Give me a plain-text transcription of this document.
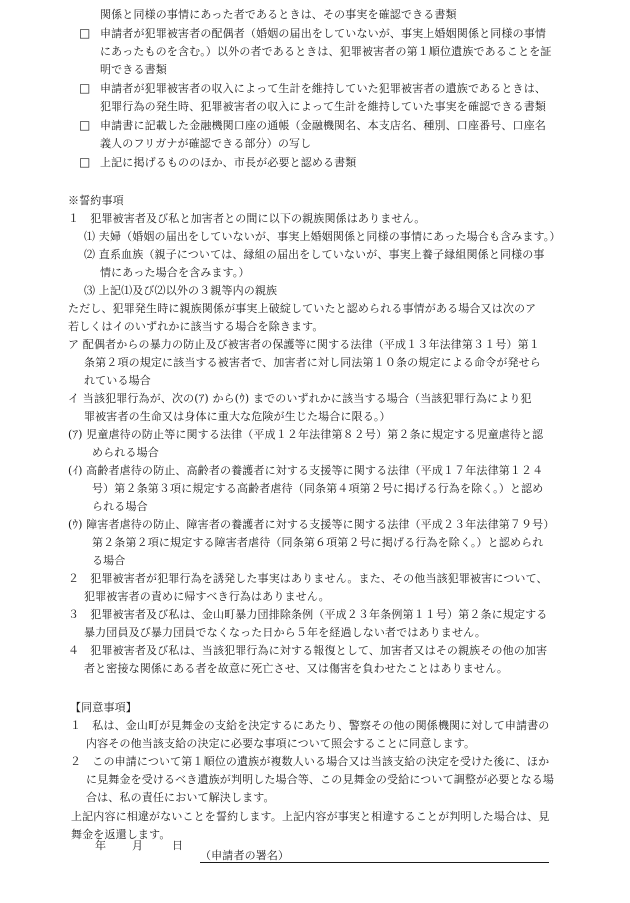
関係と同様の事情にあった者であるときは、その事実を確認できる書類
□ 申請者が犯罪被害者の配偶者（婚姻の届出をしていないが、事実上婚姻関係と同様の事情
にあったものを含む。）以外の者であるときは、犯罪被害者の第１順位遺族であることを証
明できる書類
□ 申請者が犯罪被害者の収入によって生計を維持していた犯罪被害者の遺族であるときは、
犯罪行為の発生時、犯罪被害者の収入によって生計を維持していた事実を確認できる書類
□ 申請書に記載した金融機関口座の通帳（金融機関名、本支店名、種別、口座番号、口座名
義人のフリガナが確認できる部分）の写し
□ 上記に掲げるもののほか、市長が必要と認める書類
※誓約事項
１　犯罪被害者及び私と加害者との間に以下の親族関係はありません。
⑴ 夫婦（婚姻の届出をしていないが、事実上婚姻関係と同様の事情にあった場合も含みます。）
⑵ 直系血族（親子については、縁組の届出をしていないが、事実上養子縁組関係と同様の事
情にあった場合を含みます。）
⑶ 上記⑴及び⑵以外の３親等内の親族
ただし、犯罪発生時に親族関係が事実上破綻していたと認められる事情がある場合又は次のア
若しくはイのいずれかに該当する場合を除きます。
ア 配偶者からの暴力の防止及び被害者の保護等に関する法律（平成１３年法律第３１号）第１
条第２項の規定に該当する被害者で、加害者に対し同法第１０条の規定による命令が発せら
れている場合
イ 当該犯罪行為が、次の(ｱ) から(ｳ) までのいずれかに該当する場合（当該犯罪行為により犯
罪被害者の生命又は身体に重大な危険が生じた場合に限る。）
(ｱ) 児童虐待の防止等に関する法律（平成１２年法律第８２号）第２条に規定する児童虐待と認
められる場合
(ｲ) 高齢者虐待の防止、高齢者の養護者に対する支援等に関する法律（平成１７年法律第１２４
号）第２条第３項に規定する高齢者虐待（同条第４項第２号に掲げる行為を除く。）と認め
られる場合
(ｳ) 障害者虐待の防止、障害者の養護者に対する支援等に関する法律（平成２３年法律第７９号）
第２条第２項に規定する障害者虐待（同条第６項第２号に掲げる行為を除く。）と認められ
る場合
２　犯罪被害者が犯罪行為を誘発した事実はありません。また、その他当該犯罪被害について、
犯罪被害者の責めに帰すべき行為はありません。
３　犯罪被害者及び私は、金山町暴力団排除条例（平成２３年条例第１１号）第２条に規定する
暴力団員及び暴力団員でなくなった日から５年を経過しない者ではありません。
４　犯罪被害者及び私は、当該犯罪行為に対する報復として、加害者又はその親族その他の加害
者と密接な関係にある者を故意に死亡させ、又は傷害を負わせたことはありません。
【同意事項】
１　私は、金山町が見舞金の支給を決定するにあたり、警察その他の関係機関に対して申請書の
内容その他当該支給の決定に必要な事項について照会することに同意します。
２　この申請について第１順位の遺族が複数人いる場合又は当該支給の決定を受けた後に、ほか
に見舞金を受けるべき遺族が判明した場合等、この見舞金の受給について調整が必要となる場
合は、私の責任において解決します。
上記内容に相違がないことを誓約します。上記内容が事実と相違することが判明した場合は、見
舞金を返還します。
年 月	日
（申請者の署名）
